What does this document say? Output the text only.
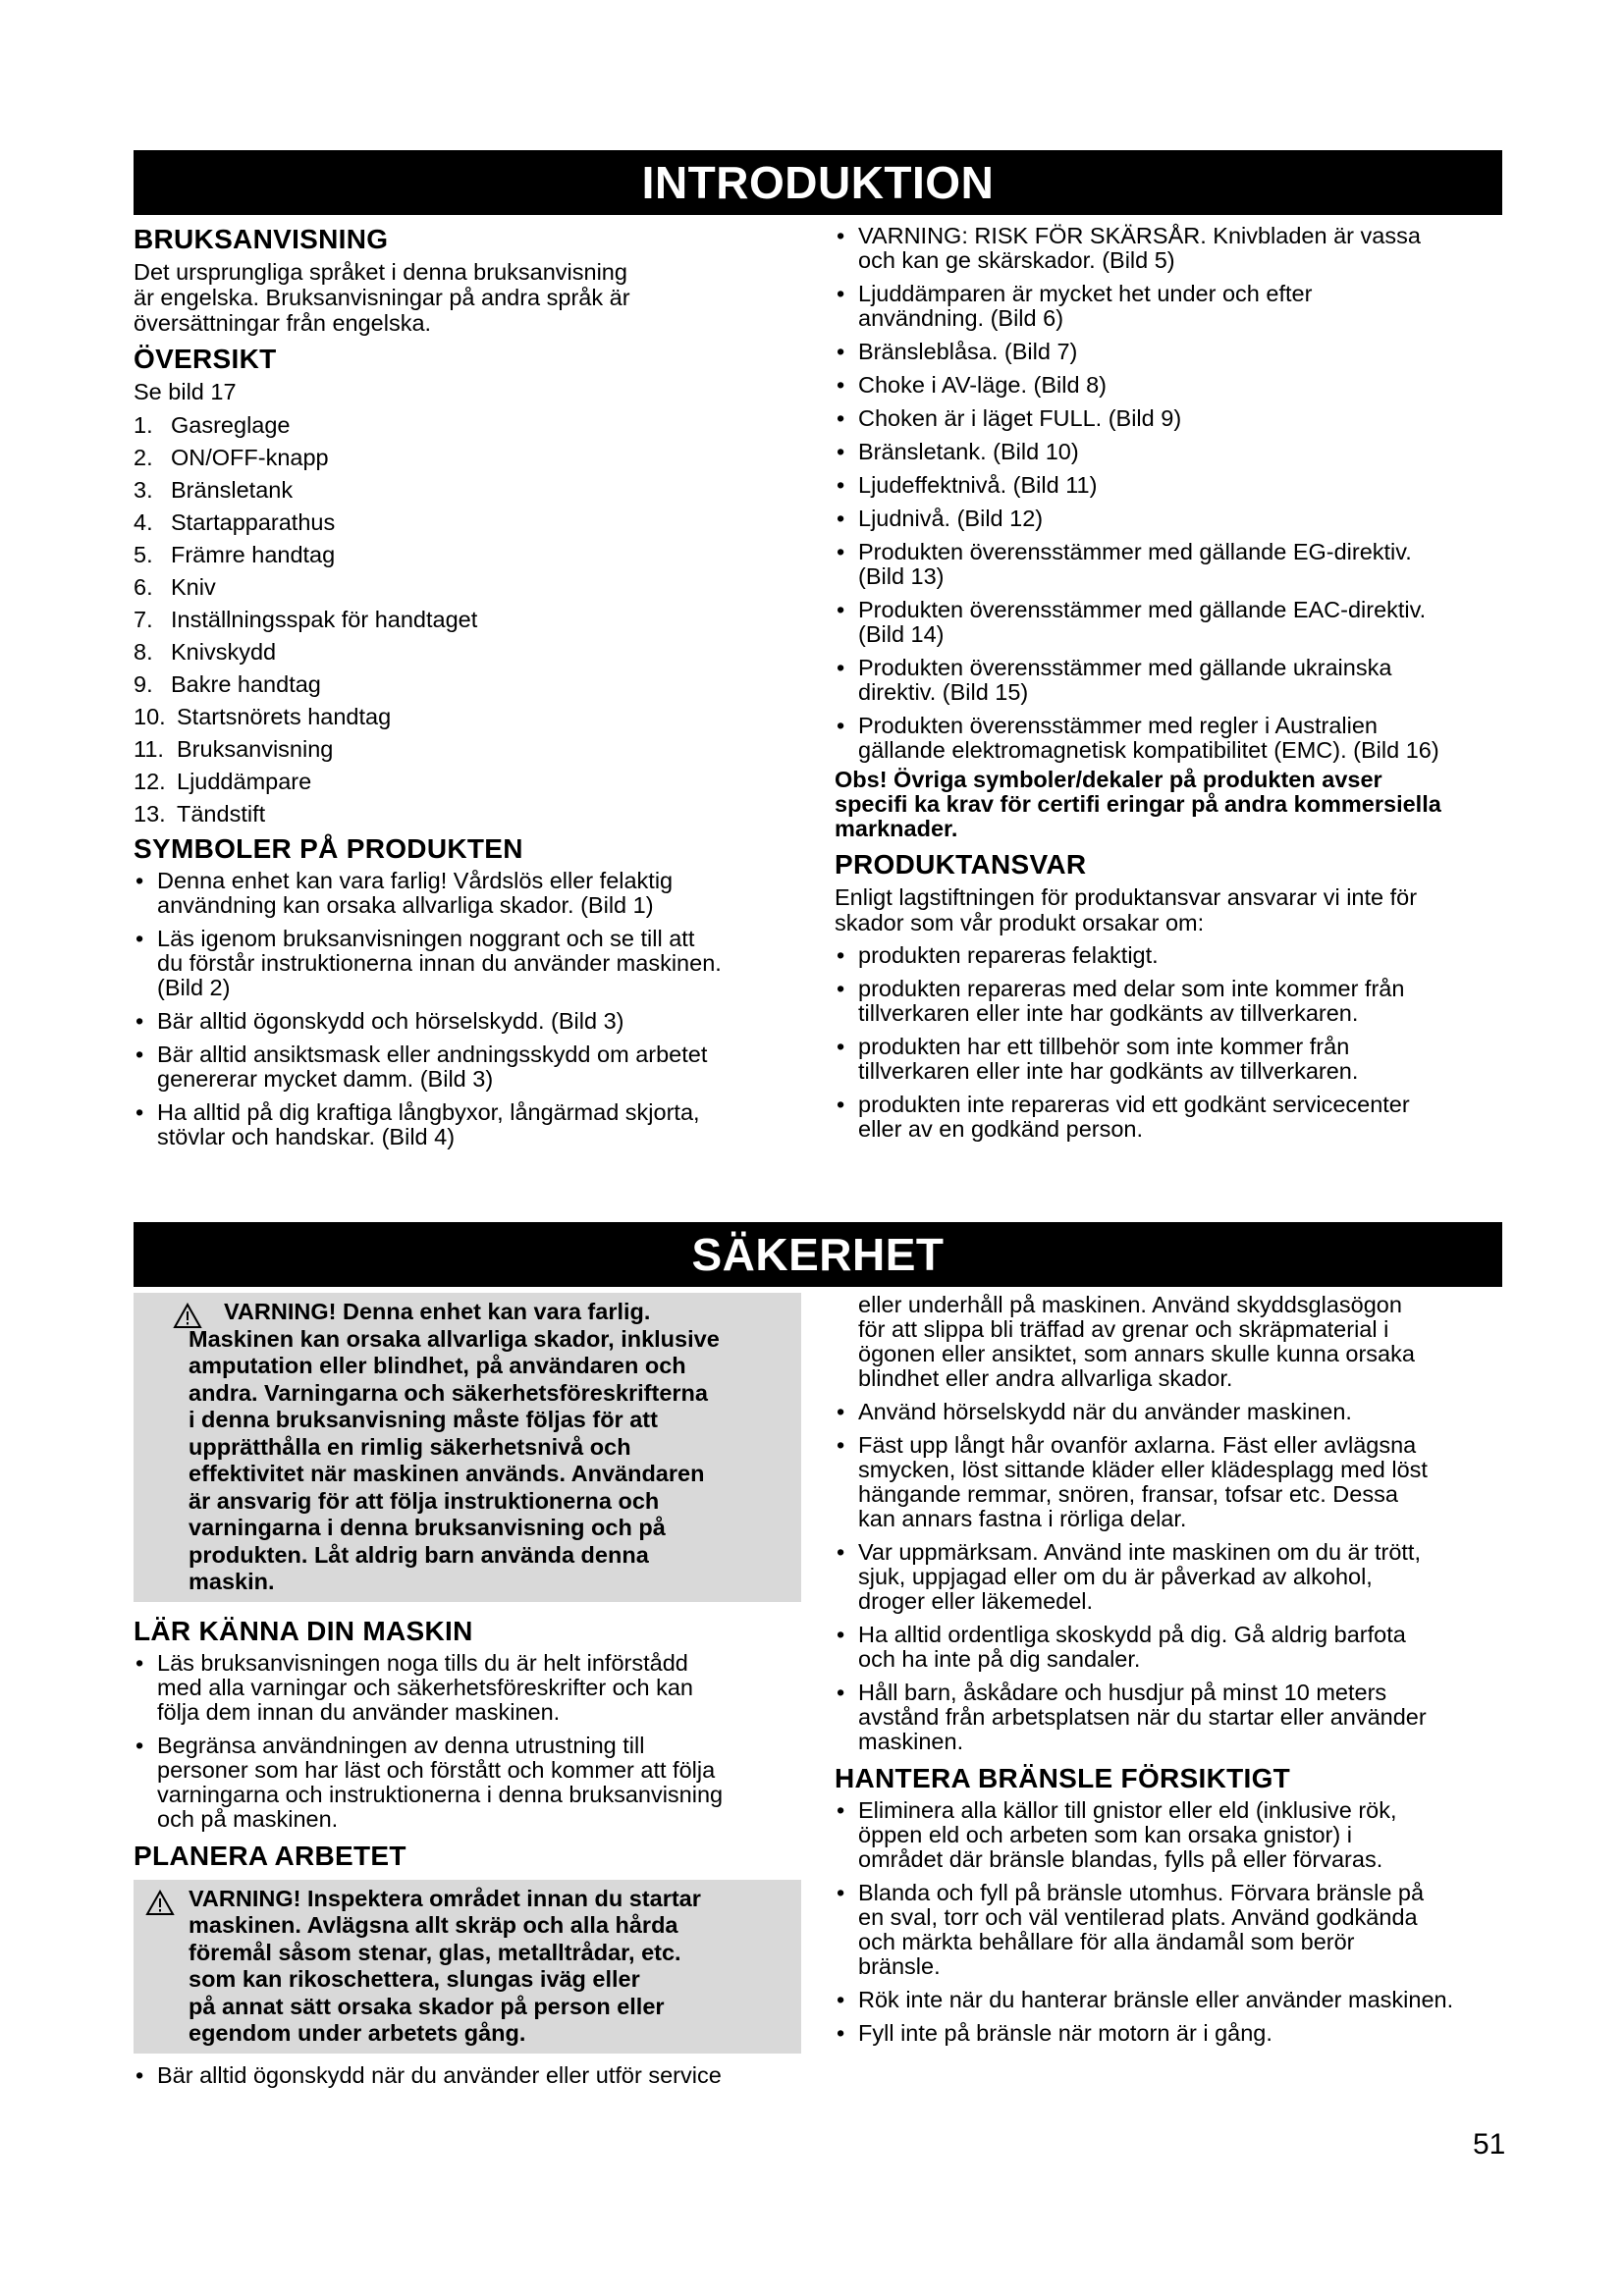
INTRODUKTION
SÄKERHET
BRUKSANVISNING

Det ursprungliga språket i denna bruksanvisning
är engelska. Bruksanvisningar på andra språk är
översättningar från engelska.

ÖVERSIKT

Se bild 17

1. Gasreglage
2. ON/OFF-knapp
3. Bränsletank
4. Startapparathus
5. Främre handtag
6. Kniv
7. Inställningsspak för handtaget
8. Knivskydd
9. Bakre handtag
10. Startsnörets handtag
11. Bruksanvisning
12. Ljuddämpare
13. Tändstift
SYMBOLER PÅ PRODUKTEN
• Denna enhet kan vara farlig! Vårdslös eller felaktig
användning kan orsaka allvarliga skador. (Bild 1)
• Läs igenom bruksanvisningen noggrant och se till att
du förstår instruktionerna innan du använder maskinen.
(Bild 2)
• Bär alltid ögonskydd och hörselskydd. (Bild 3)
• Bär alltid ansiktsmask eller andningsskydd om arbetet
genererar mycket damm. (Bild 3)
• Ha alltid på dig kraftiga långbyxor, långärmad skjorta,
stövlar och handskar. (Bild 4)
• VARNING: RISK FÖR SKÄRSÅR. Knivbladen är vassa
och kan ge skärskador. (Bild 5)
• Ljuddämparen är mycket het under och efter
användning. (Bild 6)
• Bränsleblåsa. (Bild 7)
• Choke i AV-läge. (Bild 8)
• Choken är i läget FULL. (Bild 9)
• Bränsletank. (Bild 10)
• Ljudeffektnivå. (Bild 11)
• Ljudnivå. (Bild 12)
• Produkten överensstämmer med gällande EG-direktiv.
(Bild 13)
• Produkten överensstämmer med gällande EAC-direktiv.
(Bild 14)
• Produkten överensstämmer med gällande ukrainska
direktiv. (Bild 15)
• Produkten överensstämmer med regler i Australien
gällande elektromagnetisk kompatibilitet (EMC). (Bild 16)

Obs! Övriga symboler/dekaler på produkten avser
specifi ka krav för certifi eringar på andra kommersiella
marknader.

PRODUKTANSVAR

Enligt lagstiftningen för produktansvar ansvarar vi inte för
skador som vår produkt orsakar om:

• produkten repareras felaktigt.
• produkten repareras med delar som inte kommer från
tillverkaren eller inte har godkänts av tillverkaren.
• produkten har ett tillbehör som inte kommer från
tillverkaren eller inte har godkänts av tillverkaren.
• produkten inte repareras vid ett godkänt servicecenter
eller av en godkänd person.
VARNING! Denna enhet kan vara farlig.
Maskinen kan orsaka allvarliga skador, inklusive
amputation eller blindhet, på användaren och
andra. Varningarna och säkerhetsföreskrifterna
i denna bruksanvisning måste följas för att
upprätthålla en rimlig säkerhetsnivå och
effektivitet när maskinen används. Användaren
är ansvarig för att följa instruktionerna och
varningarna i denna bruksanvisning och på
produkten. Låt aldrig barn använda denna
maskin.
LÄR KÄNNA DIN MASKIN
• Läs bruksanvisningen noga tills du är helt införstådd
med alla varningar och säkerhetsföreskrifter och kan
följa dem innan du använder maskinen.
• Begränsa användningen av denna utrustning till
personer som har läst och förstått och kommer att följa
varningarna och instruktionerna i denna bruksanvisning
och på maskinen.
PLANERA ARBETET
VARNING! Inspektera området innan du startar
maskinen. Avlägsna allt skräp och alla hårda
föremål såsom stenar, glas, metalltrådar, etc.
som kan rikoschettera, slungas iväg eller
på annat sätt orsaka skador på person eller
egendom under arbetets gång.
• Bär alltid ögonskydd när du använder eller utför service

eller underhåll på maskinen. Använd skyddsglasögon
för att slippa bli träffad av grenar och skräpmaterial i
ögonen eller ansiktet, som annars skulle kunna orsaka
blindhet eller andra allvarliga skador.

• Använd hörselskydd när du använder maskinen.
• Fäst upp långt hår ovanför axlarna. Fäst eller avlägsna
smycken, löst sittande kläder eller klädesplagg med löst
hängande remmar, snören, fransar, tofsar etc. Dessa
kan annars fastna i rörliga delar.
• Var uppmärksam. Använd inte maskinen om du är trött,
sjuk, uppjagad eller om du är påverkad av alkohol,
droger eller läkemedel.
• Ha alltid ordentliga skoskydd på dig. Gå aldrig barfota
och ha inte på dig sandaler.
• Håll barn, åskådare och husdjur på minst 10 meters
avstånd från arbetsplatsen när du startar eller använder
maskinen.
HANTERA BRÄNSLE FÖRSIKTIGT
• Eliminera alla källor till gnistor eller eld (inklusive rök,
öppen eld och arbeten som kan orsaka gnistor) i
området där bränsle blandas, fylls på eller förvaras.
• Blanda och fyll på bränsle utomhus. Förvara bränsle på
en sval, torr och väl ventilerad plats. Använd godkända
och märkta behållare för alla ändamål som berör
bränsle.
• Rök inte när du hanterar bränsle eller använder maskinen.
• Fyll inte på bränsle när motorn är i gång.
51
